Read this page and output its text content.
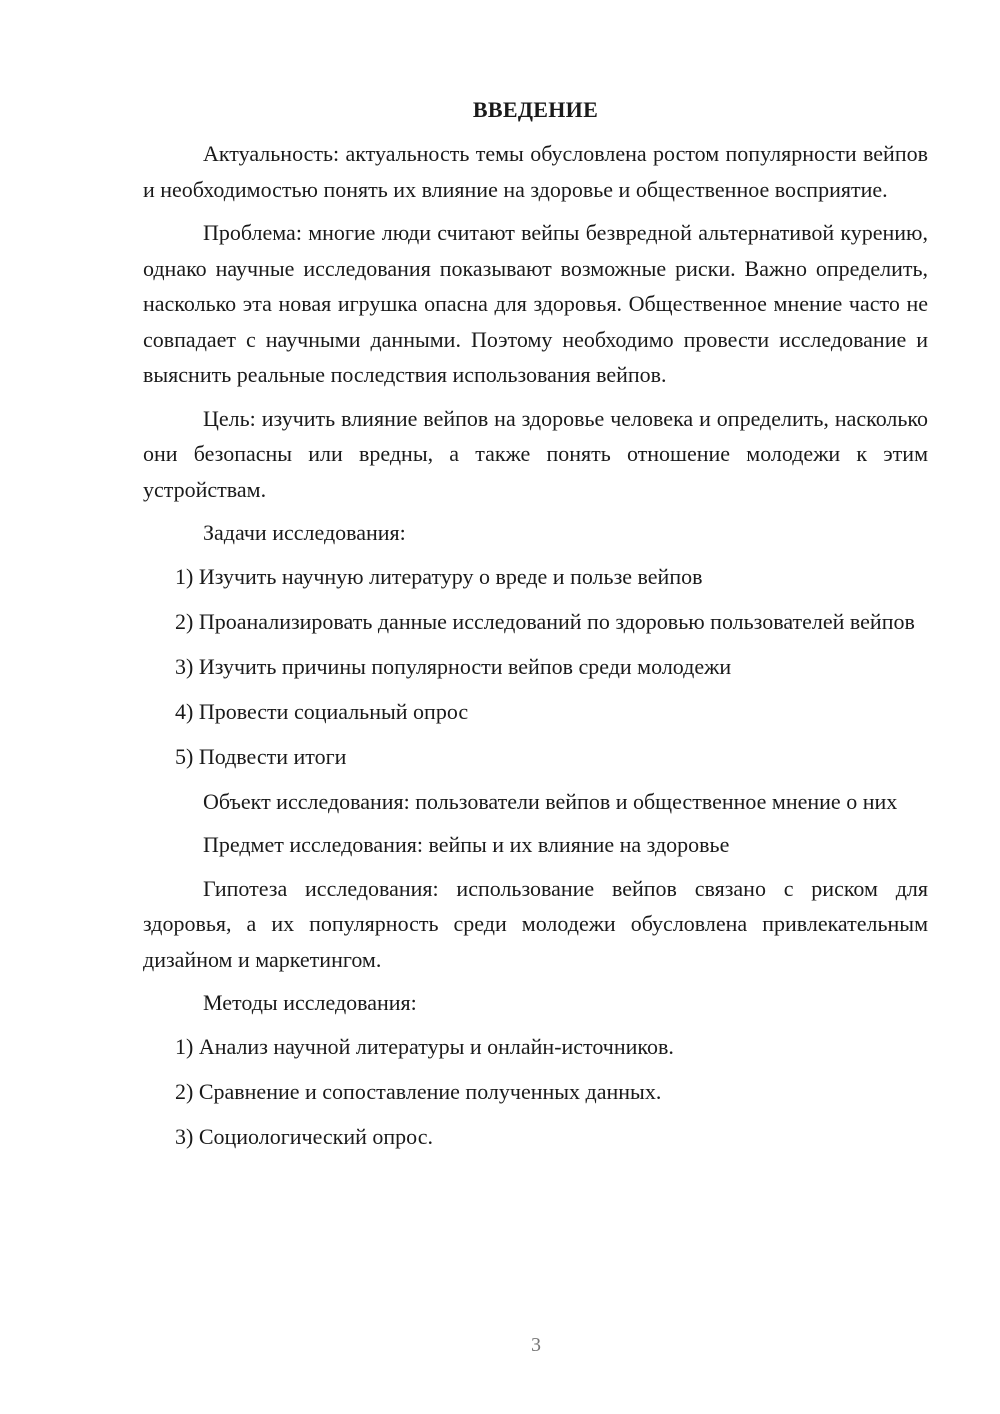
ВВЕДЕНИЕ

Актуальность: актуальность темы обусловлена ростом популярности вейпов и необходимостью понять их влияние на здоровье и общественное восприятие.

Проблема: многие люди считают вейпы безвредной альтернативой курению, однако научные исследования показывают возможные риски. Важно определить, насколько эта новая игрушка опасна для здоровья. Общественное мнение часто не совпадает с научными данными. Поэтому необходимо провести исследование и выяснить реальные последствия использования вейпов.

Цель: изучить влияние вейпов на здоровье человека и определить, насколько они безопасны или вредны, а также понять отношение молодежи к этим устройствам.

Задачи исследования:

1) Изучить научную литературу о вреде и пользе вейпов

2) Проанализировать данные исследований по здоровью пользователей вейпов

3) Изучить причины популярности вейпов среди молодежи

4) Провести социальный опрос

5) Подвести итоги

Объект исследования: пользователи вейпов и общественное мнение о них

Предмет исследования: вейпы и их влияние на здоровье

Гипотеза исследования: использование вейпов связано с риском для здоровья, а их популярность среди молодежи обусловлена привлекательным дизайном и маркетингом.

Методы исследования:

1) Анализ научной литературы и онлайн-источников.

2) Сравнение и сопоставление полученных данных.

3) Социологический опрос.

3
